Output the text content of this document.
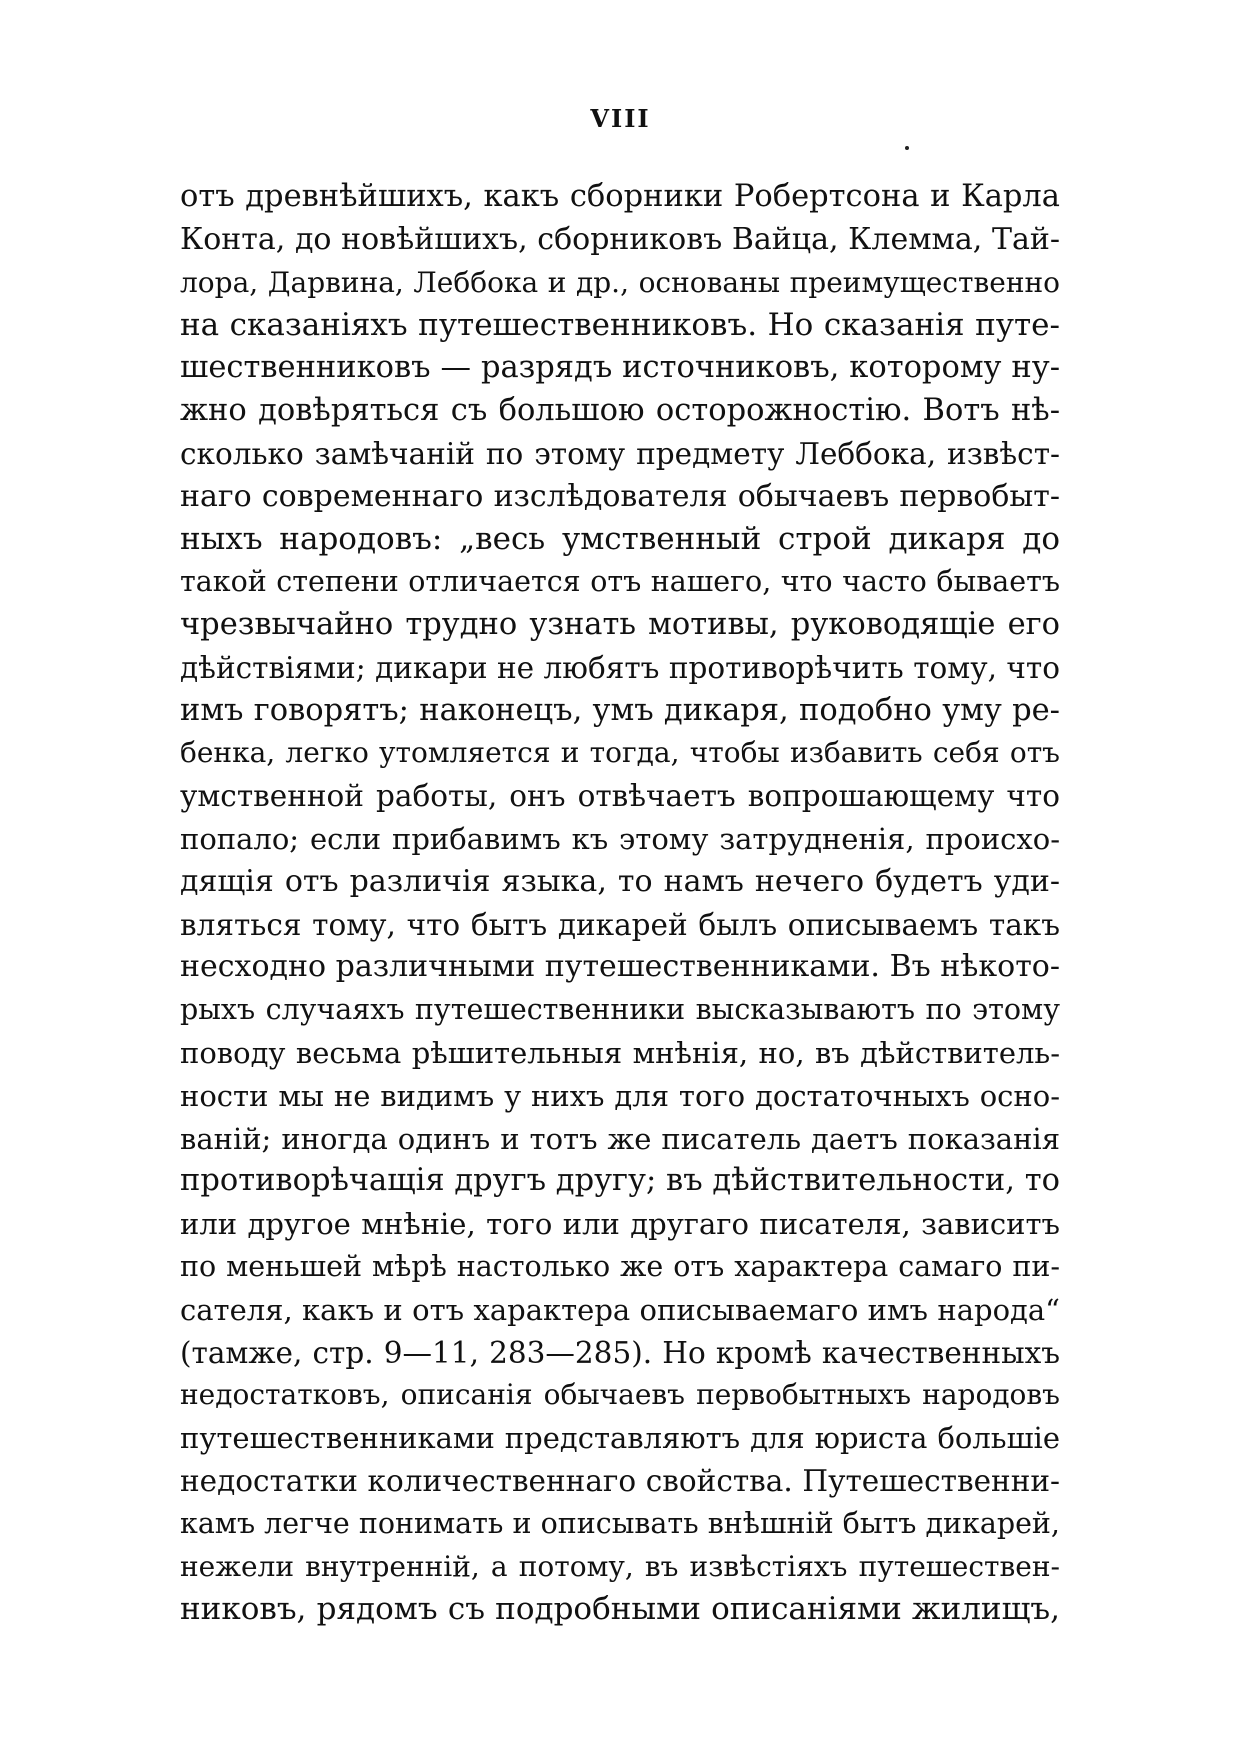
VIII
отъ древнѣйшихъ, какъ сборники Робертсона и Карла
Конта, до новѣйшихъ, сборниковъ Вайца, Клемма, Тай-
лора, Дарвина, Леббока и др., основаны преимущественно
на сказаніяхъ путешественниковъ. Но сказанія путе-
шественниковъ — разрядъ источниковъ, которому ну-
жно довѣряться съ большою осторожностію. Вотъ нѣ-
сколько замѣчаній по этому предмету Леббока, извѣст-
наго современнаго изслѣдователя обычаевъ первобыт-
ныхъ народовъ: „весь умственный строй дикаря до
такой степени отличается отъ нашего, что часто бываетъ
чрезвычайно трудно узнать мотивы, руководящіе его
дѣйствіями; дикари не любятъ противорѣчить тому, что
имъ говорятъ; наконецъ, умъ дикаря, подобно уму ре-
бенка, легко утомляется и тогда, чтобы избавить себя отъ
умственной работы, онъ отвѣчаетъ вопрошающему что
попало; если прибавимъ къ этому затрудненія, происхо-
дящія отъ различія языка, то намъ нечего будетъ уди-
вляться тому, что бытъ дикарей былъ описываемъ такъ
несходно различными путешественниками. Въ нѣкото-
рыхъ случаяхъ путешественники высказываютъ по этому
поводу весьма рѣшительныя мнѣнія, но, въ дѣйствитель-
ности мы не видимъ у нихъ для того достаточныхъ осно-
ваній; иногда одинъ и тотъ же писатель даетъ показанія
противорѣчащія другъ другу; въ дѣйствительности, то
или другое мнѣніе, того или другаго писателя, зависитъ
по меньшей мѣрѣ настолько же отъ характера самаго пи-
сателя, какъ и отъ характера описываемаго имъ народа“
(тамже, стр. 9—11, 283—285). Но кромѣ качественныхъ
недостатковъ, описанія обычаевъ первобытныхъ народовъ
путешественниками представляютъ для юриста большіе
недостатки количественнаго свойства. Путешественни-
камъ легче понимать и описывать внѣшній бытъ дикарей,
нежели внутренній, а потому, въ извѣстіяхъ путешествен-
никовъ, рядомъ съ подробными описаніями жилищъ,
